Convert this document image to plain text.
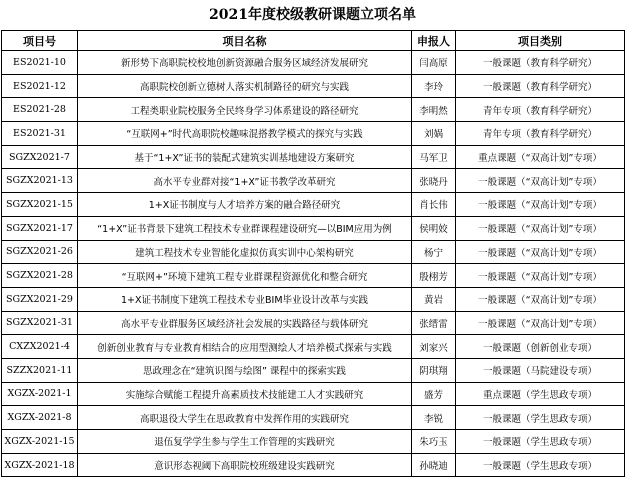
2021年度校级教研课题立项名单
项目号	项目名称	申报人	项目类别
ES2021-10	新形势下高职院校校地创新资源融合服务区域经济发展研究	闫高原	一般课题（教育科学研究）
ES2021-12	高职院校创新立德树人落实机制路径的研究与实践	李玲	一般课题（教育科学研究）
ES2021-28	工程类职业院校服务全民终身学习体系建设的路径研究	李明然	青年专项（教育科学研究）
ES2021-31	“互联网+”时代高职院校趣味混搭教学模式的探究与实践	刘娲	青年专项（教育科学研究）
SGZX2021-7	基于“1+X”证书的装配式建筑实训基地建设方案研究	马军卫	重点课题（“双高计划”专项）
SGZX2021-13	高水平专业群对接“1+X”证书教学改革研究	张晓丹	一般课题（“双高计划”专项）
SGZX2021-15	1+X证书制度与人才培养方案的融合路径研究	肖长伟	一般课题（“双高计划”专项）
SGZX2021-17	“1+X”证书背景下建筑工程技术专业群课程建设研究—以BIM应用为例	侯明姣	一般课题（“双高计划”专项）
SGZX2021-26	建筑工程技术专业智能化虚拟仿真实训中心架构研究	杨宁	一般课题（“双高计划”专项）
SGZX2021-28	“互联网+”环境下建筑工程专业群课程资源优化和整合研究	殷栩芳	一般课题（“双高计划”专项）
SGZX2021-29	1+X证书制度下建筑工程技术专业BIM毕业设计改革与实践	黄岩	一般课题（“双高计划”专项）
SGZX2021-31	高水平专业群服务区域经济社会发展的实践路径与载体研究	张缙雷	一般课题（“双高计划”专项）
CXZX2021-4	创新创业教育与专业教育相结合的应用型测绘人才培养模式探索与实践	刘家兴	一般课题（创新创业专项）
SZZX2021-11	思政理念在“建筑识图与绘图” 课程中的探索实践	阴琪翔	一般课题（马院建设专项）
XGZX-2021-1	实施综合赋能工程提升高素质技术技能建工人才实践研究	盛芳	重点课题（学生思政专项）
XGZX-2021-8	高职退役大学生在思政教育中发挥作用的实践研究	李锐	一般课题（学生思政专项）
XGZX-2021-15	退伍复学学生参与学生工作管理的实践研究	朱巧玉	一般课题（学生思政专项）
XGZX-2021-18	意识形态视阈下高职院校班级建设实践研究	孙晓迪	一般课题（学生思政专项）
